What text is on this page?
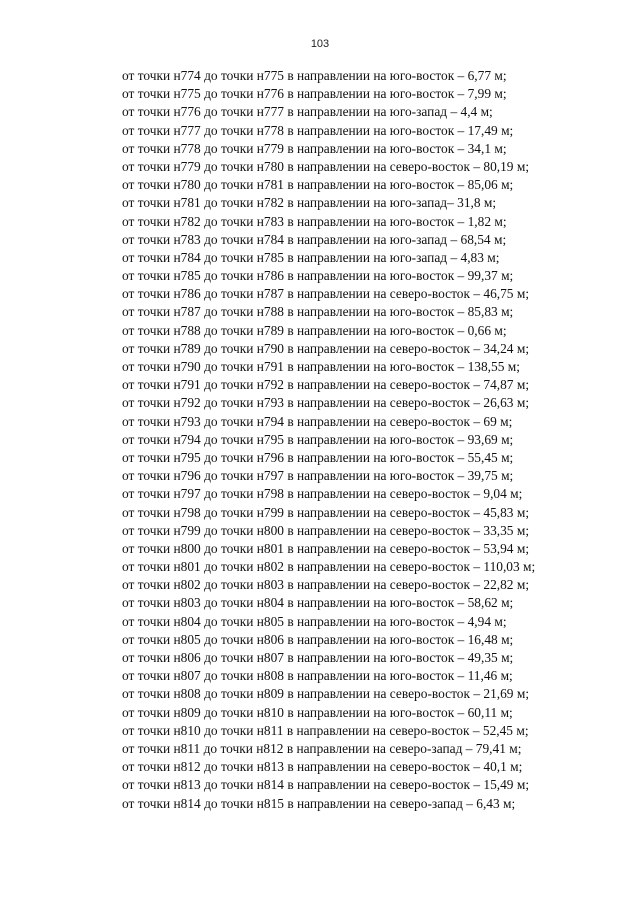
103
от точки н774 до точки н775 в направлении на юго-восток – 6,77 м;
от точки н775 до точки н776 в направлении на юго-восток – 7,99 м;
от точки н776 до точки н777 в направлении на юго-запад – 4,4 м;
от точки н777 до точки н778 в направлении на юго-восток – 17,49 м;
от точки н778 до точки н779 в направлении на юго-восток – 34,1 м;
от точки н779 до точки н780 в направлении на северо-восток – 80,19 м;
от точки н780 до точки н781 в направлении на юго-восток – 85,06 м;
от точки н781 до точки н782 в направлении на юго-запад– 31,8 м;
от точки н782 до точки н783 в направлении на юго-восток – 1,82 м;
от точки н783 до точки н784 в направлении на юго-запад – 68,54 м;
от точки н784 до точки н785 в направлении на юго-запад – 4,83 м;
от точки н785 до точки н786 в направлении на юго-восток – 99,37 м;
от точки н786 до точки н787 в направлении на северо-восток – 46,75 м;
от точки н787 до точки н788 в направлении на юго-восток – 85,83 м;
от точки н788 до точки н789 в направлении на юго-восток – 0,66 м;
от точки н789 до точки н790 в направлении на северо-восток – 34,24 м;
от точки н790 до точки н791 в направлении на юго-восток – 138,55 м;
от точки н791 до точки н792 в направлении на северо-восток – 74,87 м;
от точки н792 до точки н793 в направлении на северо-восток – 26,63 м;
от точки н793 до точки н794 в направлении на северо-восток – 69 м;
от точки н794 до точки н795 в направлении на юго-восток – 93,69 м;
от точки н795 до точки н796 в направлении на юго-восток – 55,45 м;
от точки н796 до точки н797 в направлении на юго-восток – 39,75 м;
от точки н797 до точки н798 в направлении на северо-восток – 9,04 м;
от точки н798 до точки н799 в направлении на северо-восток – 45,83 м;
от точки н799 до точки н800 в направлении на северо-восток – 33,35 м;
от точки н800 до точки н801 в направлении на северо-восток – 53,94 м;
от точки н801 до точки н802 в направлении на северо-восток – 110,03 м;
от точки н802 до точки н803 в направлении на северо-восток – 22,82 м;
от точки н803 до точки н804 в направлении на юго-восток – 58,62 м;
от точки н804 до точки н805 в направлении на юго-восток – 4,94 м;
от точки н805 до точки н806 в направлении на юго-восток – 16,48 м;
от точки н806 до точки н807 в направлении на юго-восток – 49,35 м;
от точки н807 до точки н808 в направлении на юго-восток – 11,46 м;
от точки н808 до точки н809 в направлении на северо-восток – 21,69 м;
от точки н809 до точки н810 в направлении на юго-восток – 60,11 м;
от точки н810 до точки н811 в направлении на северо-восток – 52,45 м;
от точки н811 до точки н812 в направлении на северо-запад – 79,41 м;
от точки н812 до точки н813 в направлении на северо-восток – 40,1 м;
от точки н813 до точки н814 в направлении на северо-восток – 15,49 м;
от точки н814 до точки н815 в направлении на северо-запад – 6,43 м;
